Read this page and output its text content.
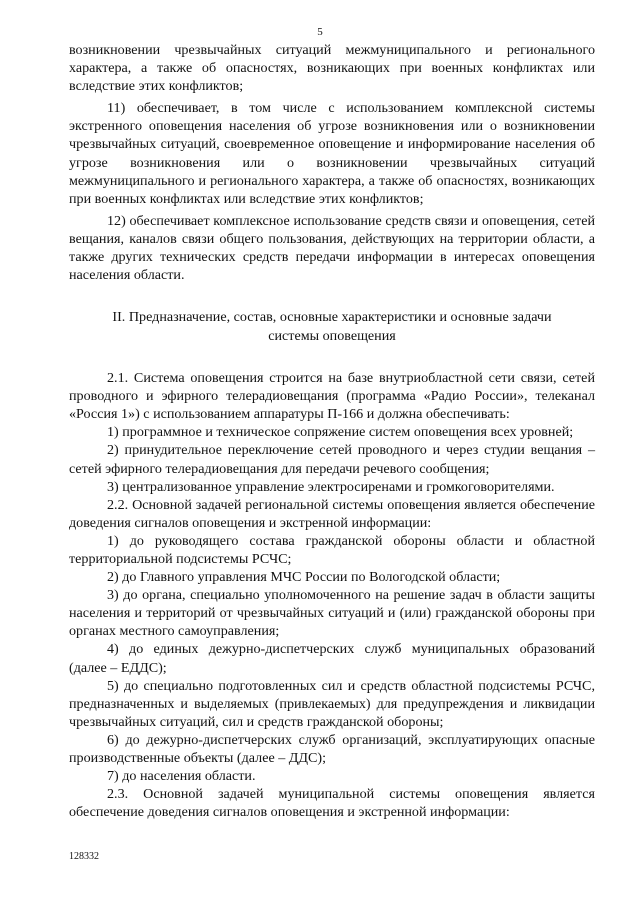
5

возникновении чрезвычайных ситуаций межмуниципального и регионального характера, а также об опасностях, возникающих при военных конфликтах или вследствие этих конфликтов;

11) обеспечивает, в том числе с использованием комплексной системы экстренного оповещения населения об угрозе возникновения или о возникновении чрезвычайных ситуаций, своевременное оповещение и информирование населения об угрозе возникновения или о возникновении чрезвычайных ситуаций межмуниципального и регионального характера, а также об опасностях, возникающих при военных конфликтах или вследствие этих конфликтов;

12) обеспечивает комплексное использование средств связи и оповещения, сетей вещания, каналов связи общего пользования, действующих на территории области, а также других технических средств передачи информации в интересах оповещения населения области.

II. Предназначение, состав, основные характеристики и основные задачи
системы оповещения

2.1. Система оповещения строится на базе внутриобластной сети связи, сетей проводного и эфирного телерадиовещания (программа «Радио России», телеканал «Россия 1») с использованием аппаратуры П-166 и должна обеспечивать:

1) программное и техническое сопряжение систем оповещения всех уровней;

2) принудительное переключение сетей проводного и через студии вещания – сетей эфирного телерадиовещания для передачи речевого сообщения;

3) централизованное управление электросиренами и громкоговорителями.

2.2. Основной задачей региональной системы оповещения является обеспечение доведения сигналов оповещения и экстренной информации:

1) до руководящего состава гражданской обороны области и областной территориальной подсистемы РСЧС;

2) до Главного управления МЧС России по Вологодской области;

3) до органа, специально уполномоченного на решение задач в области защиты населения и территорий от чрезвычайных ситуаций и (или) гражданской обороны при органах местного самоуправления;

4) до единых дежурно-диспетчерских служб муниципальных образований (далее – ЕДДС);

5) до специально подготовленных сил и средств областной подсистемы РСЧС, предназначенных и выделяемых (привлекаемых) для предупреждения и ликвидации чрезвычайных ситуаций, сил и средств гражданской обороны;

6) до дежурно-диспетчерских служб организаций, эксплуатирующих опасные производственные объекты (далее – ДДС);

7) до населения области.

2.3. Основной задачей муниципальной системы оповещения является обеспечение доведения сигналов оповещения и экстренной информации:

128332
